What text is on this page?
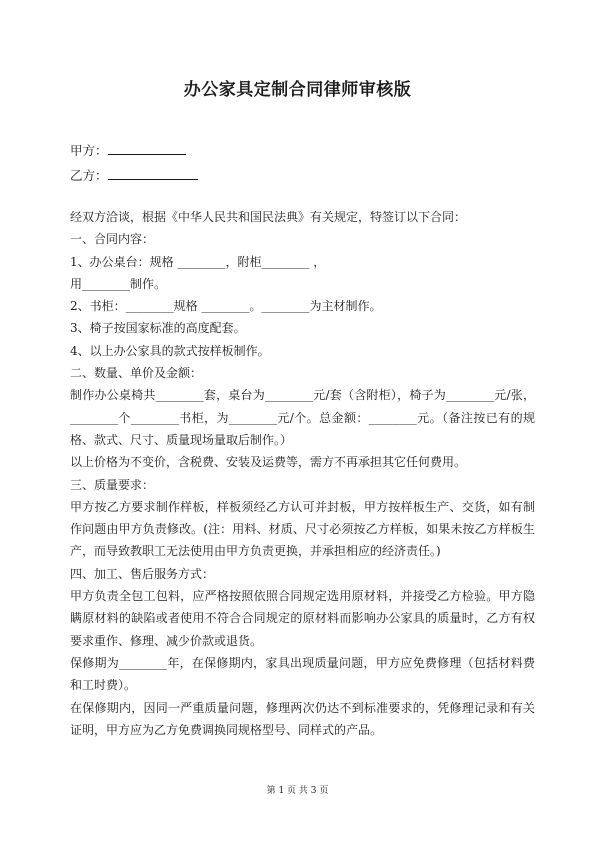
办公家具定制合同律师审核版
甲方：
乙方：

经双方洽谈，根据《中华人民共和国民法典》有关规定，特签订以下合同：

一、合同内容：

1、办公桌台：规格 ________，附柜________ ，

用________制作。

2、书柜：________规格 ________。________为主材制作。

3、椅子按国家标准的高度配套。

4、以上办公家具的款式按样板制作。

二、数量、单价及金额：

制作办公桌椅共________套，桌台为________元/套（含附柜），椅子为________元/张，________个________书柜，为________元/个。总金额：________元。（备注按已有的规格、款式、尺寸、质量现场量取后制作。）

以上价格为不变价，含税费、安装及运费等，需方不再承担其它任何费用。

三、质量要求：

甲方按乙方要求制作样板，样板须经乙方认可并封板，甲方按样板生产、交货，如有制作问题由甲方负责修改。(注：用料、材质、尺寸必须按乙方样板，如果未按乙方样板生产，而导致教职工无法使用由甲方负责更换，并承担相应的经济责任。)

四、加工、售后服务方式：

甲方负责全包工包料，应严格按照依照合同规定选用原材料，并接受乙方检验。甲方隐瞒原材料的缺陷或者使用不符合合同规定的原材料而影响办公家具的质量时，乙方有权要求重作、修理、减少价款或退货。

保修期为________年，在保修期内，家具出现质量问题，甲方应免费修理（包括材料费和工时费）。

在保修期内，因同一严重质量问题，修理两次仍达不到标准要求的，凭修理记录和有关证明，甲方应为乙方免费调换同规格型号、同样式的产品。

第 1 页 共 3 页
